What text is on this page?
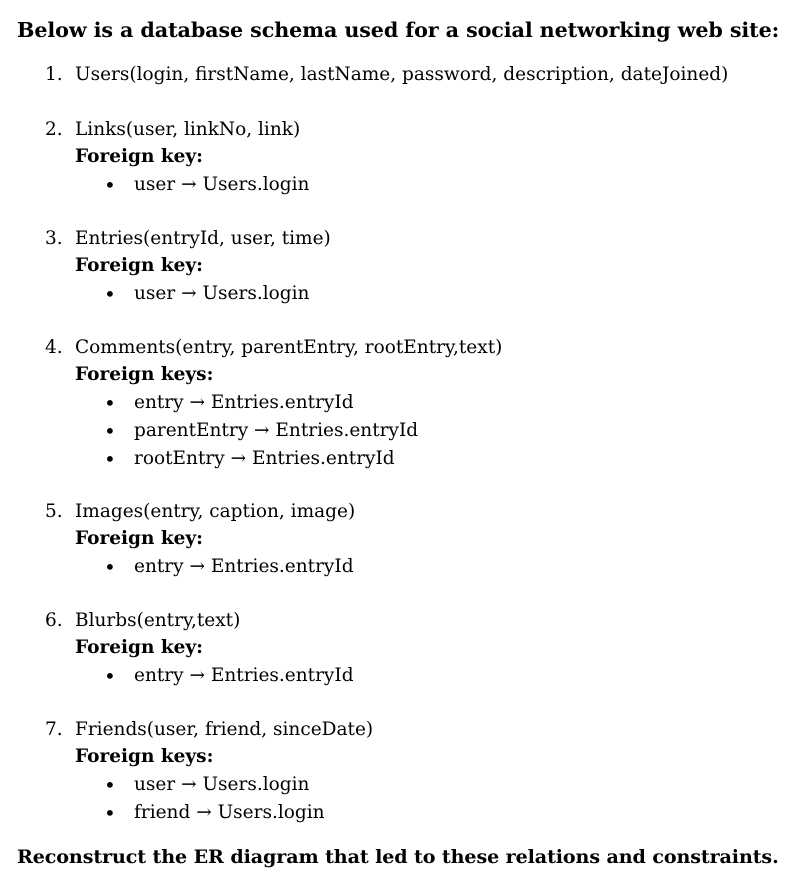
Below is a database schema used for a social networking web site:
1. Users(login, firstName, lastName, password, description, dateJoined)
2. Links(user, linkNo, link)
Foreign key:
• user → Users.login
3. Entries(entryId, user, time)
Foreign key:
• user → Users.login
4. Comments(entry, parentEntry, rootEntry,text)
Foreign keys:
• entry → Entries.entryId
• parentEntry → Entries.entryId
• rootEntry → Entries.entryId
5. Images(entry, caption, image)
Foreign key:
• entry → Entries.entryId
6. Blurbs(entry,text)
Foreign key:
• entry → Entries.entryId
7. Friends(user, friend, sinceDate)
Foreign keys:
• user → Users.login
• friend → Users.login
Reconstruct the ER diagram that led to these relations and constraints.
